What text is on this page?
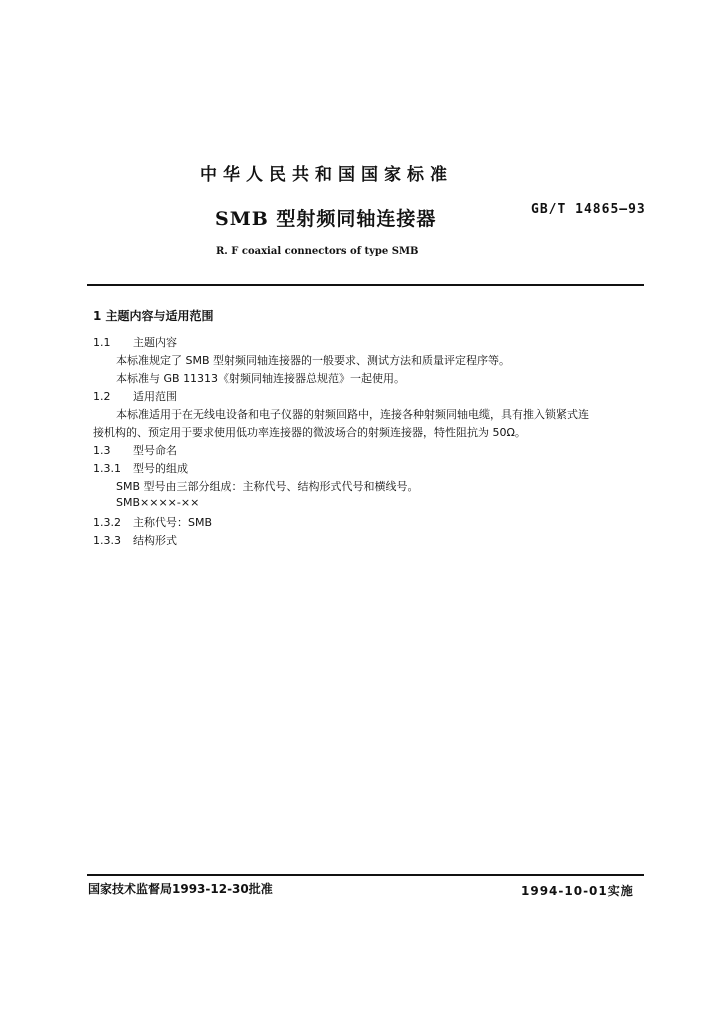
中华人民共和国国家标准
SMB 型射频同轴连接器	GB/T 14865—93
R. F coaxial connectors of type SMB
1 主题内容与适用范围
1.1 主题内容
本标准规定了 SMB 型射频同轴连接器的一般要求、测试方法和质量评定程序等。
本标准与 GB 11313《射频同轴连接器总规范》一起使用。
1.2 适用范围
本标准适用于在无线电设备和电子仪器的射频回路中，连接各种射频同轴电缆，具有推入锁紧式连
接机构的、预定用于要求使用低功率连接器的微波场合的射频连接器，特性阻抗为 50Ω。
1.3 型号命名
1.3.1 型号的组成
SMB 型号由三部分组成：主称代号、结构形式代号和横线号。
SMB××××-××
1.3.2 主称代号：SMB
1.3.3 结构形式
国家技术监督局1993-12-30批准	1994-10-01实施
